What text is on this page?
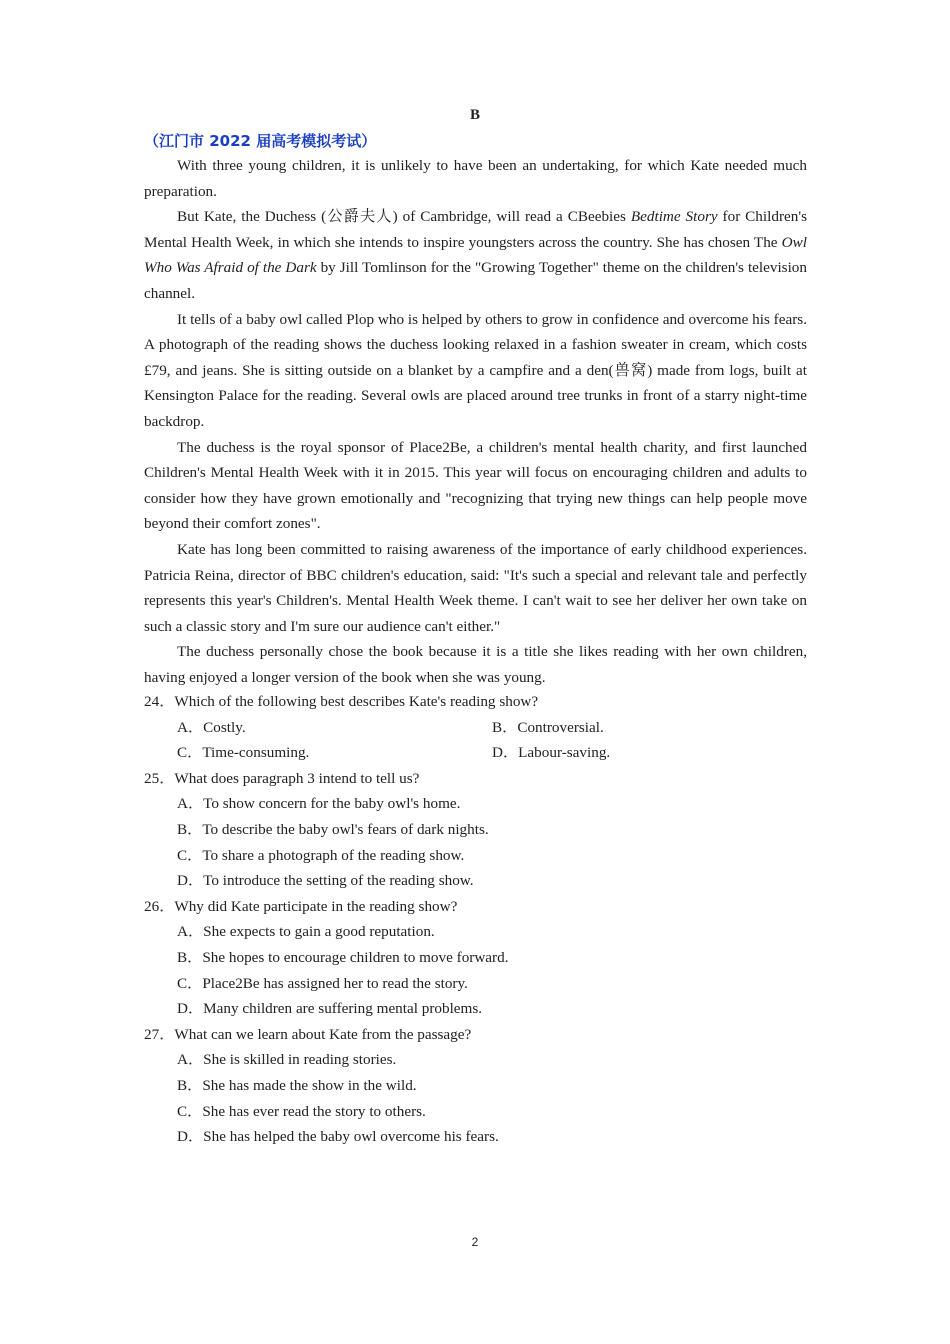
B
（江门市 2022 届高考模拟考试）

With three young children, it is unlikely to have been an undertaking, for which Kate needed much preparation.

But Kate, the Duchess (公爵夫人) of Cambridge, will read a CBeebies Bedtime Story for Children's Mental Health Week, in which she intends to inspire youngsters across the country. She has chosen The Owl Who Was Afraid of the Dark by Jill Tomlinson for the "Growing Together" theme on the children's television channel.

It tells of a baby owl called Plop who is helped by others to grow in confidence and overcome his fears. A photograph of the reading shows the duchess looking relaxed in a fashion sweater in cream, which costs £79, and jeans. She is sitting outside on a blanket by a campfire and a den(兽窝) made from logs, built at Kensington Palace for the reading. Several owls are placed around tree trunks in front of a starry night-time backdrop.

The duchess is the royal sponsor of Place2Be, a children's mental health charity, and first launched Children's Mental Health Week with it in 2015. This year will focus on encouraging children and adults to consider how they have grown emotionally and "recognizing that trying new things can help people move beyond their comfort zones".

Kate has long been committed to raising awareness of the importance of early childhood experiences. Patricia Reina, director of BBC children's education, said: "It's such a special and relevant tale and perfectly represents this year's Children's. Mental Health Week theme. I can't wait to see her deliver her own take on such a classic story and I'm sure our audience can't either."

The duchess personally chose the book because it is a title she likes reading with her own children, having enjoyed a longer version of the book when she was young.

24．Which of the following best describes Kate's reading show?
A．Costly.	B．Controversial.
C．Time-consuming.	D．Labour-saving.
25．What does paragraph 3 intend to tell us?
A．To show concern for the baby owl's home.
B．To describe the baby owl's fears of dark nights.
C．To share a photograph of the reading show.
D．To introduce the setting of the reading show.
26．Why did Kate participate in the reading show?
A．She expects to gain a good reputation.
B．She hopes to encourage children to move forward.
C．Place2Be has assigned her to read the story.
D．Many children are suffering mental problems.
27．What can we learn about Kate from the passage?
A．She is skilled in reading stories.
B．She has made the show in the wild.
C．She has ever read the story to others.
D．She has helped the baby owl overcome his fears.
2
